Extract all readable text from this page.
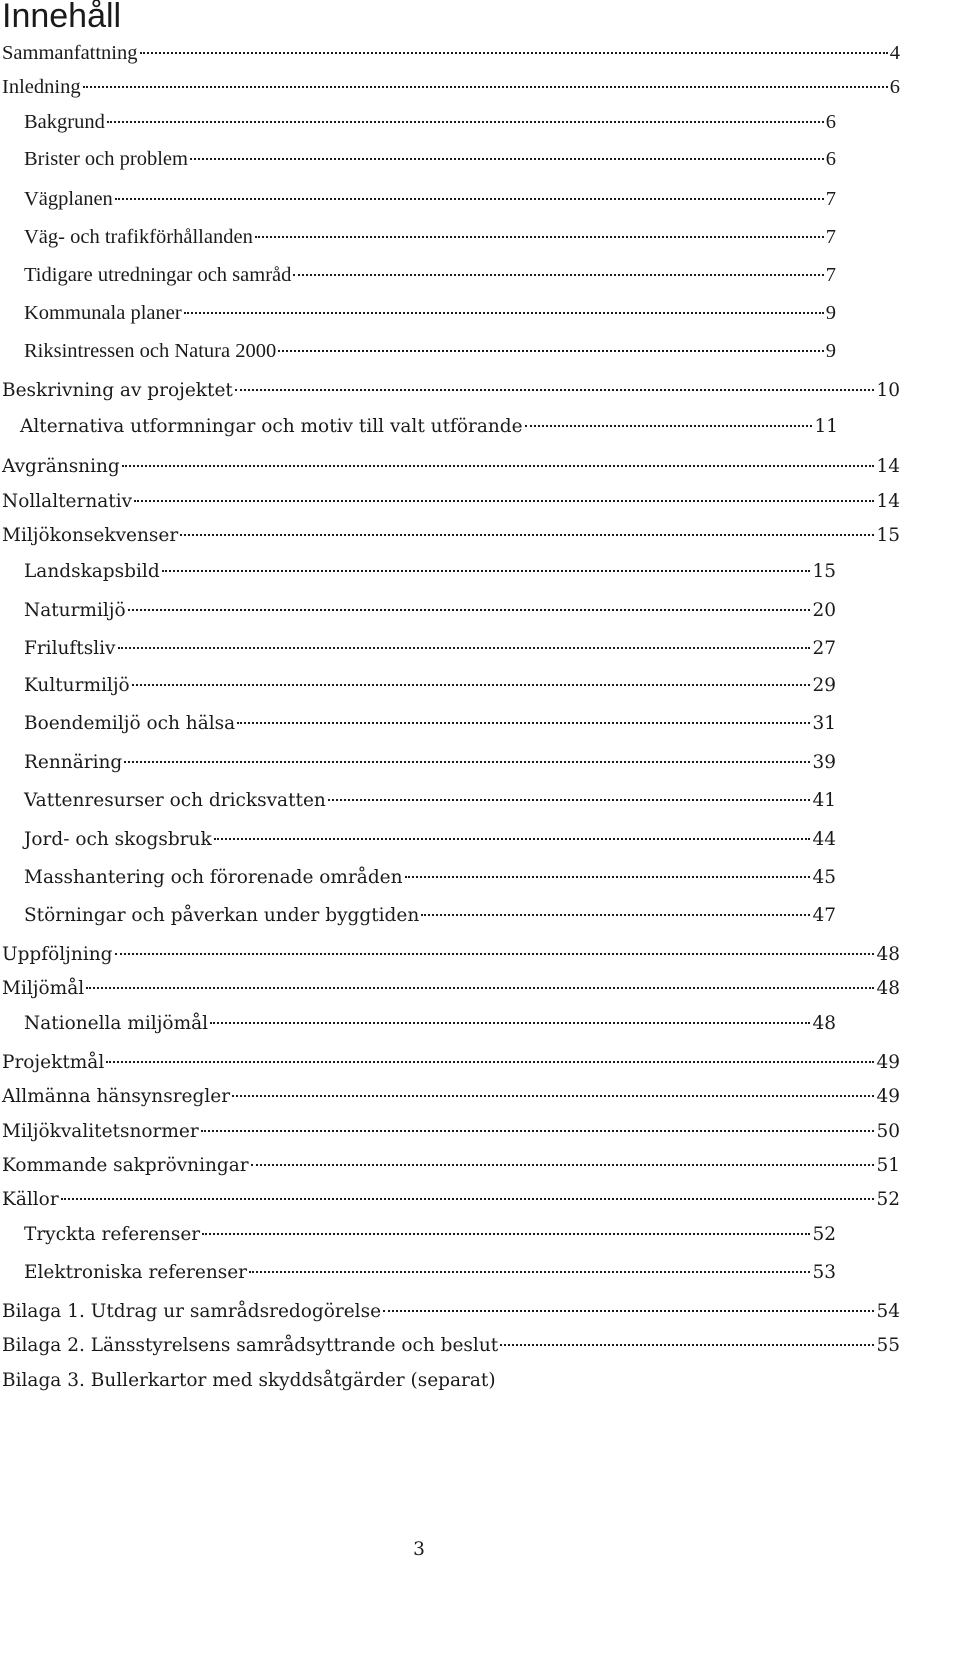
Innehåll
Sammanfattning	4
Inledning	6
Bakgrund	6
Brister och problem	6
Vägplanen	7
Väg- och trafikförhållanden	7
Tidigare utredningar och samråd	7
Kommunala planer	9
Riksintressen och Natura 2000	9
Beskrivning av projektet	10
Alternativa utformningar och motiv till valt utförande	11
Avgränsning	14
Nollalternativ	14
Miljökonsekvenser	15
Landskapsbild	15
Naturmiljö	20
Friluftsliv	27
Kulturmiljö	29
Boendemiljö och hälsa	31
Rennäring	39
Vattenresurser och dricksvatten	41
Jord- och skogsbruk	44
Masshantering och förorenade områden	45
Störningar och påverkan under byggtiden	47
Uppföljning	48
Miljömål	48
Nationella miljömål	48
Projektmål	49
Allmänna hänsynsregler	49
Miljökvalitetsnormer	50
Kommande sakprövningar	51
Källor	52
Tryckta referenser	52
Elektroniska referenser	53
Bilaga 1. Utdrag ur samrådsredogörelse	54
Bilaga 2. Länsstyrelsens samrådsyttrande och beslut	55
Bilaga 3. Bullerkartor med skyddsåtgärder (separat)
3
